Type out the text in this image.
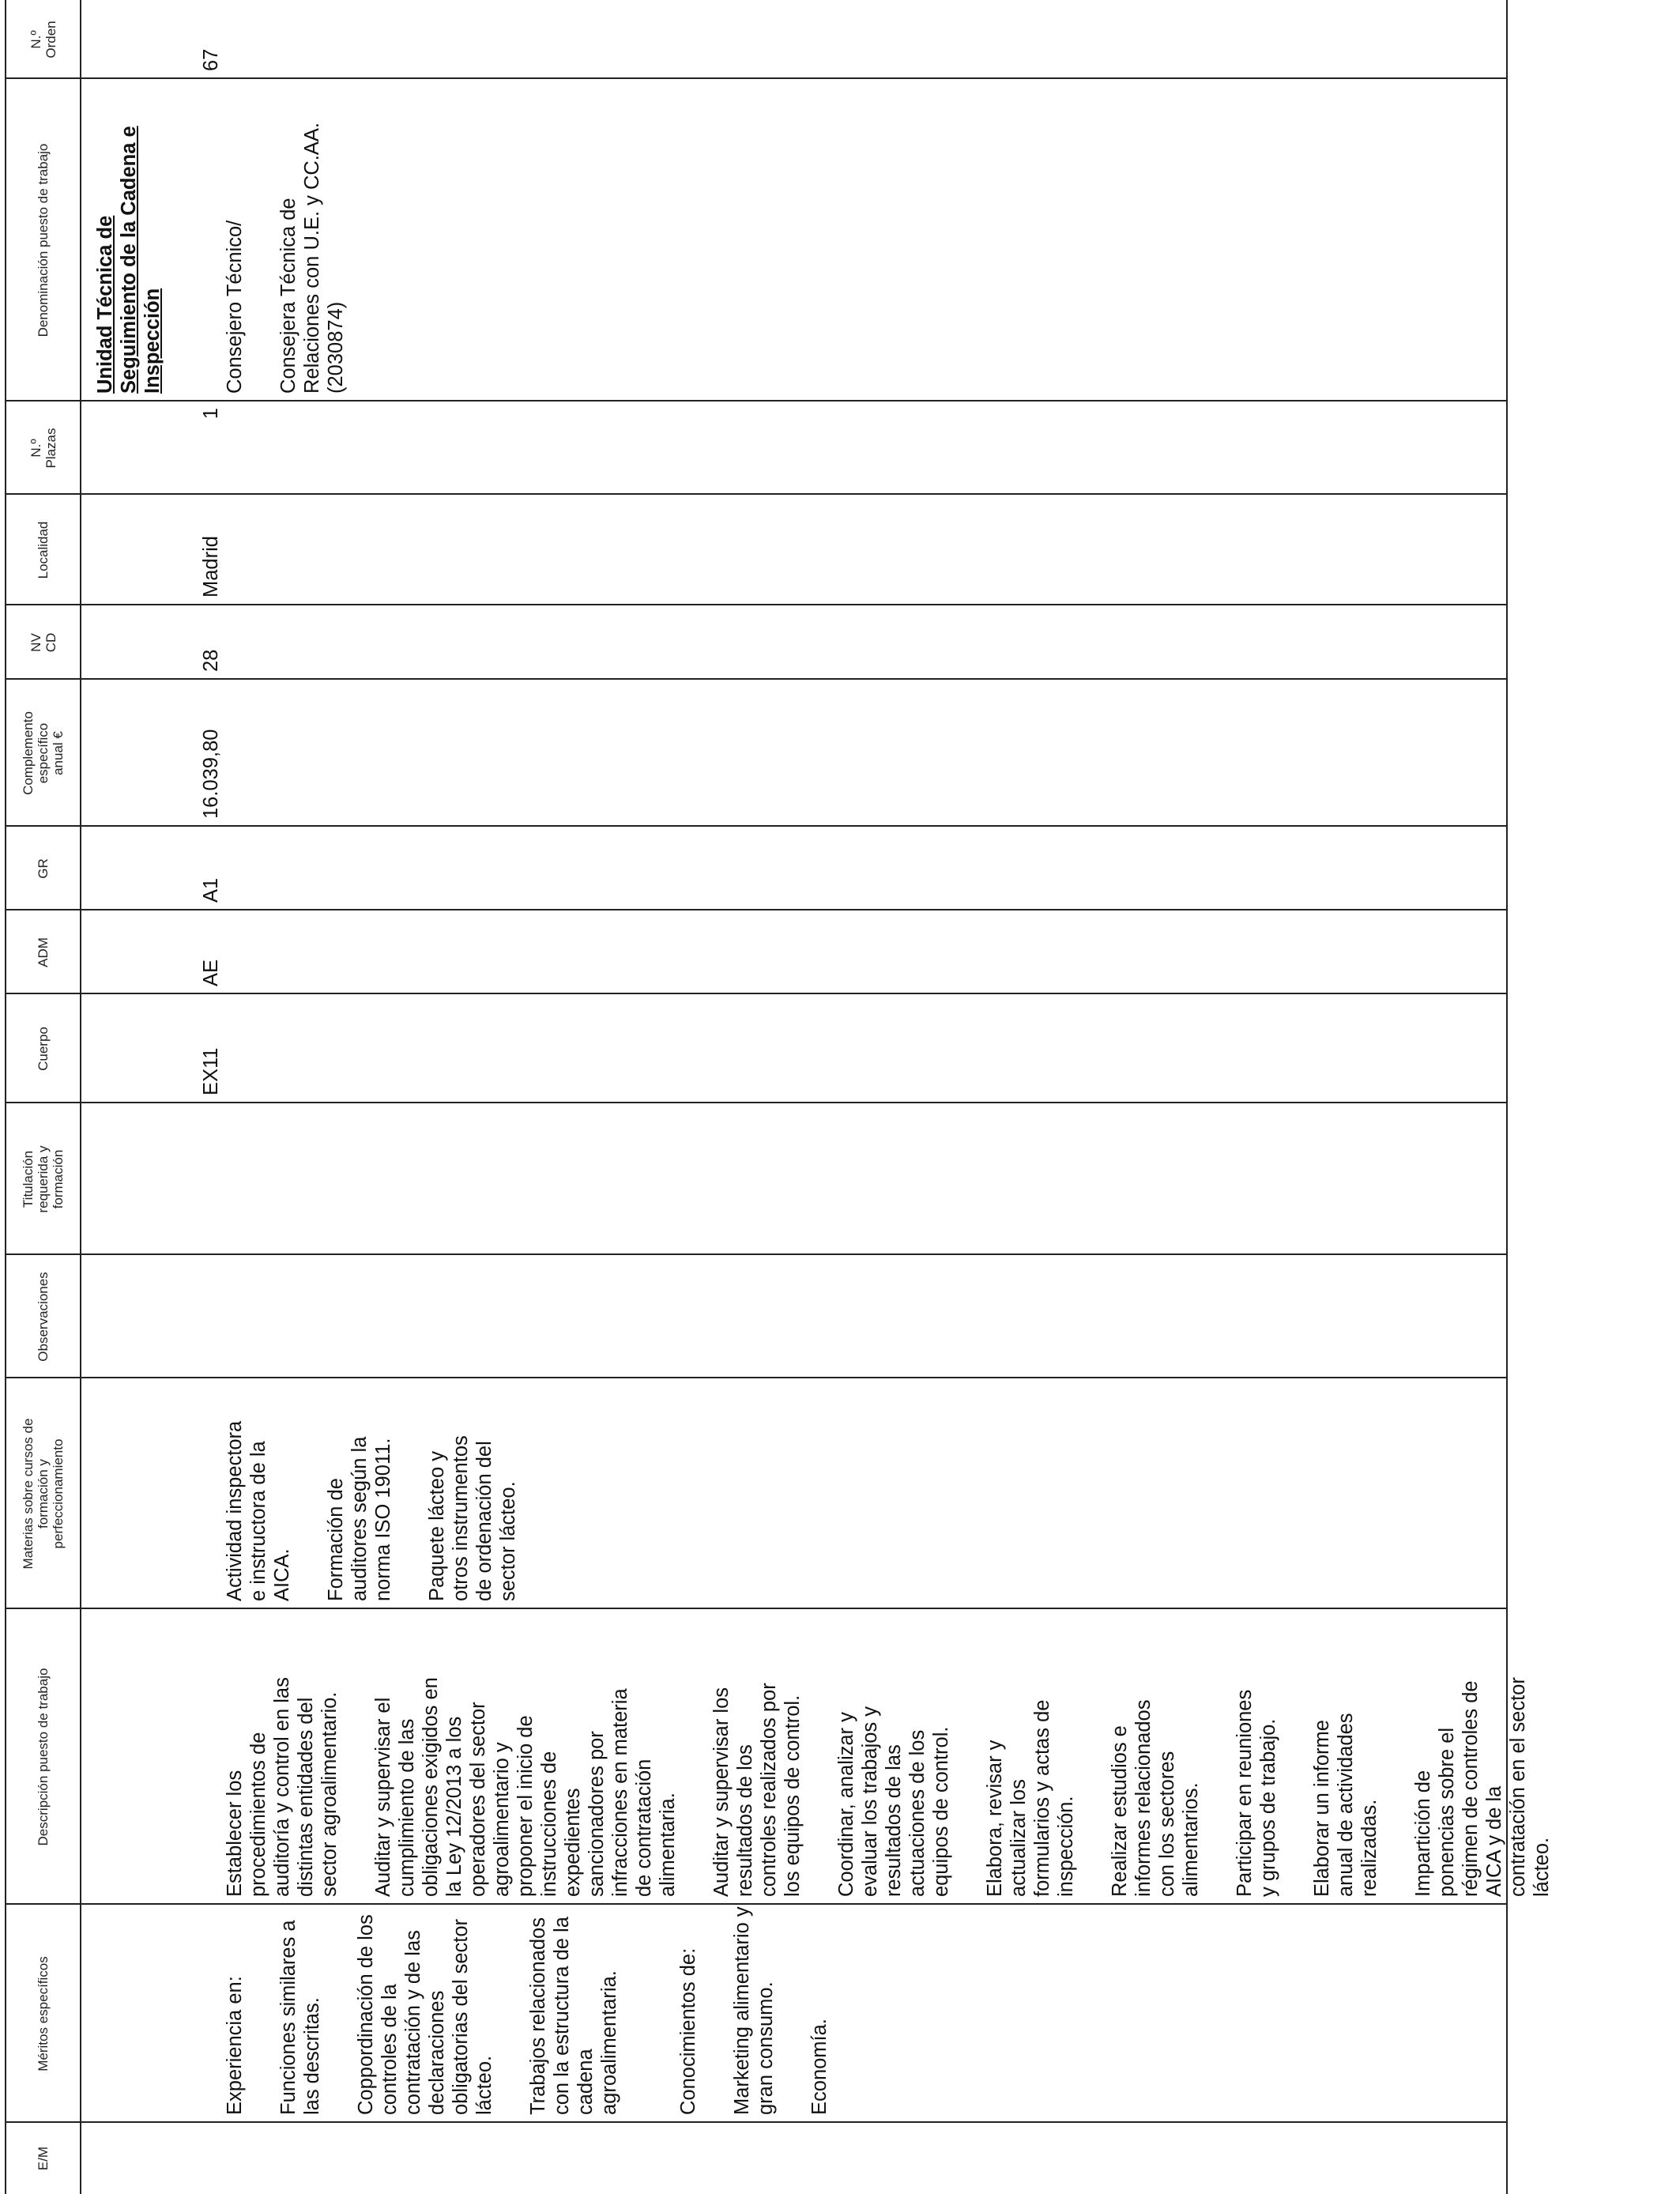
N.º
Orden
Denominación puesto de trabajo
N.º
Plazas
Localidad
NV
CD
Complemento
específico
anual €
GR
ADM
Cuerpo
Titulación
requerida y
formación
Observaciones
Materias sobre cursos de
formación y
perfeccionamiento
Descripción puesto de trabajo
Méritos específicos
E/M
Unidad Técnica de
Seguimiento de la Cadena e
Inspección
67

Consejero Técnico/ Consejera Técnica de
Relaciones con U.E. y CC.AA.
(2030874)

1
Madrid
28
16.039,80
A1
AE
EX11

Actividad inspectora
e instructora de la
AICA. Formación de
auditores según la
norma ISO 19011.

Paquete lácteo y
otros instrumentos
de ordenación del
sector lácteo.

Establecer los
procedimientos de
auditoría y control en las
distintas entidades del
sector agroalimentario.

Auditar y supervisar el
cumplimiento de las
obligaciones exigidos en
la Ley 12/2013 a los
operadores del sector
agroalimentario y
proponer el inicio de
instrucciones de
expedientes
sancionadores por
infracciones en materia
de contratación
alimentaria. Auditar y supervisar los
resultados de los
controles realizados por
los equipos de control.

Coordinar, analizar y
evaluar los trabajos y
resultados de las
actuaciones de los
equipos de control.

Elabora, revisar y
actualizar los
formularios y actas de
inspección. Realizar estudios e
informes relacionados
con los sectores
alimentarios. Participar en reuniones
y grupos de trabajo.

Elaborar un informe
anual de actividades
realizadas. Impartición de
ponencias sobre el
régimen de controles de
AICA y de la
contratación en el sector
lácteo.

Experiencia en: Funciones similares a
las descritas. Coppordinación de los
controles de la
contratación y de las
declaraciones
obligatorias del sector
lácteo. Trabajos relacionados
con la estructura de la
cadena
agroalimentaria.	Conocimientos de: Marketing alimentario y
gran consumo. Economía.
